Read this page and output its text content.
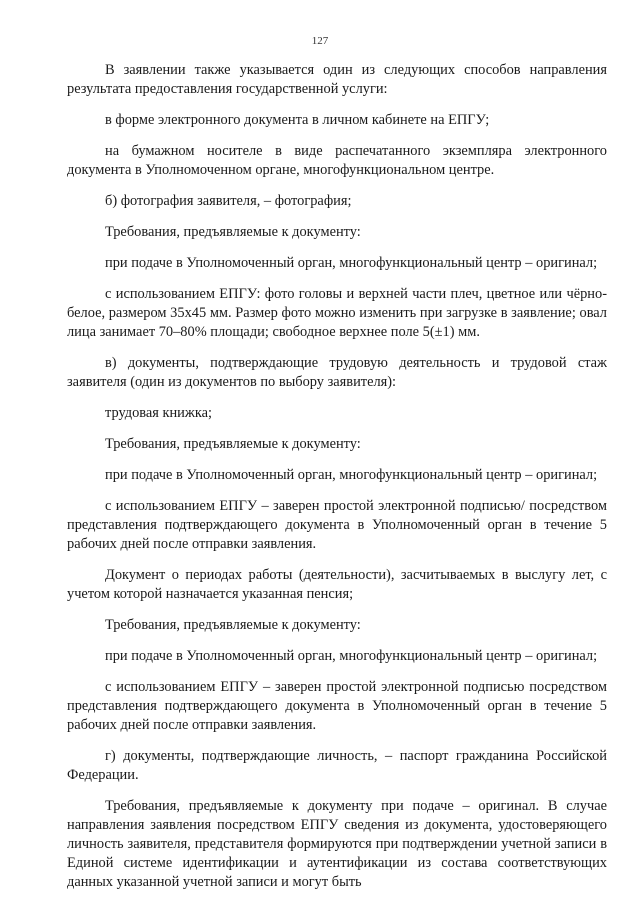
127

В заявлении также указывается один из следующих способов направления результата предоставления государственной услуги:

в форме электронного документа в личном кабинете на ЕПГУ;

на бумажном носителе в виде распечатанного экземпляра электронного документа в Уполномоченном органе, многофункциональном центре.

б) фотография заявителя, – фотография;

Требования, предъявляемые к документу:

при подаче в Уполномоченный орган, многофункциональный центр – оригинал;

с использованием ЕПГУ: фото головы и верхней части плеч, цветное или чёрно-белое, размером 35x45 мм. Размер фото можно изменить при загрузке в заявление; овал лица занимает 70–80% площади; свободное верхнее поле 5(±1) мм.

в) документы, подтверждающие трудовую деятельность и трудовой стаж заявителя (один из документов по выбору заявителя):

трудовая книжка;

Требования, предъявляемые к документу:

при подаче в Уполномоченный орган, многофункциональный центр – оригинал;

с использованием ЕПГУ – заверен простой электронной подписью/ посредством представления подтверждающего документа в Уполномоченный орган в течение 5 рабочих дней после отправки заявления.

Документ о периодах работы (деятельности), засчитываемых в выслугу лет, с учетом которой назначается указанная пенсия;

Требования, предъявляемые к документу:

при подаче в Уполномоченный орган, многофункциональный центр – оригинал;

с использованием ЕПГУ – заверен простой электронной подписью посредством представления подтверждающего документа в Уполномоченный орган в течение 5 рабочих дней после отправки заявления.

г) документы, подтверждающие личность, – паспорт гражданина Российской Федерации.

Требования, предъявляемые к документу при подаче – оригинал. В случае направления заявления посредством ЕПГУ сведения из документа, удостоверяющего личность заявителя, представителя формируются при подтверждении учетной записи в Единой системе идентификации и аутентификации из состава соответствующих данных указанной учетной записи и могут быть
